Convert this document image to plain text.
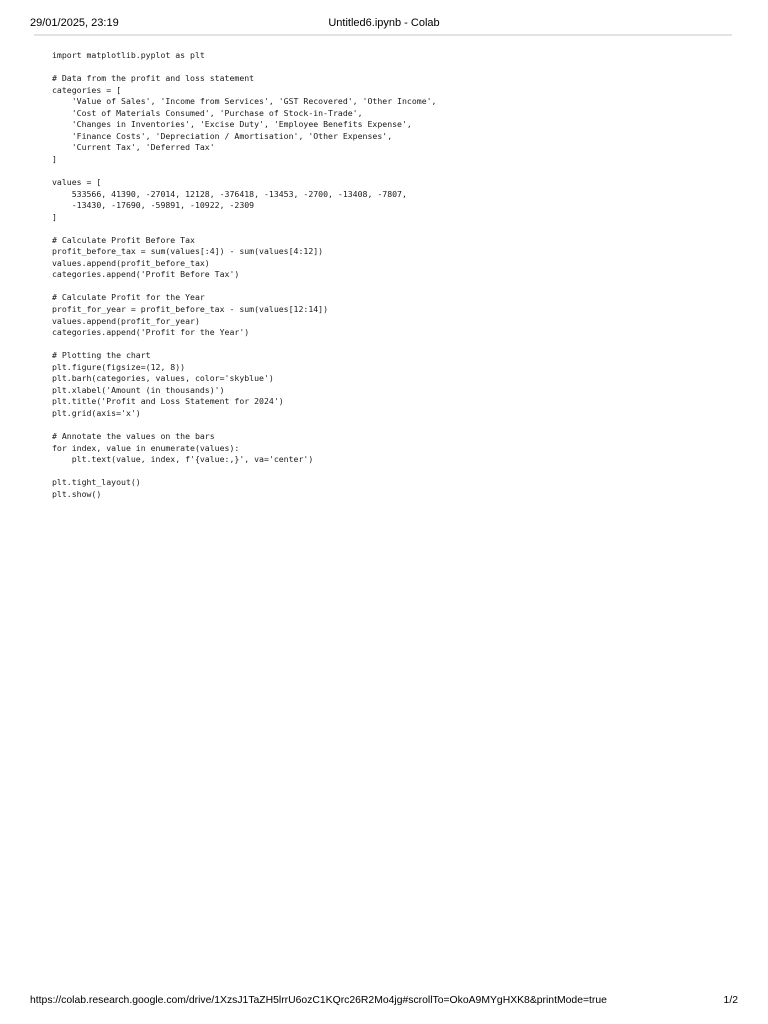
29/01/2025, 23:19	Untitled6.ipynb - Colab
import matplotlib.pyplot as plt
# Data from the profit and loss statement
categories = [
'Value of Sales', 'Income from Services', 'GST Recovered', 'Other Income',
'Cost of Materials Consumed', 'Purchase of Stock-in-Trade',
'Changes in Inventories', 'Excise Duty', 'Employee Benefits Expense',
'Finance Costs', 'Depreciation / Amortisation', 'Other Expenses',
'Current Tax', 'Deferred Tax'
]
values = [
533566, 41390, -27014, 12128, -376418, -13453, -2700, -13408, -7807,
-13430, -17690, -59891, -10922, -2309
]
# Calculate Profit Before Tax
profit_before_tax = sum(values[:4]) - sum(values[4:12])
values.append(profit_before_tax)
categories.append('Profit Before Tax')
# Calculate Profit for the Year
profit_for_year = profit_before_tax - sum(values[12:14])
values.append(profit_for_year)
categories.append('Profit for the Year')
# Plotting the chart
plt.figure(figsize=(12, 8))
plt.barh(categories, values, color='skyblue')
plt.xlabel('Amount (in thousands)')
plt.title('Profit and Loss Statement for 2024')
plt.grid(axis='x')
# Annotate the values on the bars
for index, value in enumerate(values):
plt.text(value, index, f'{value:,}', va='center')
plt.tight_layout()
plt.show()
https://colab.research.google.com/drive/1XzsJ1TaZH5lrrU6ozC1KQrc26R2Mo4jg#scrollTo=OkoA9MYgHXK8&printMode=true	1/2
